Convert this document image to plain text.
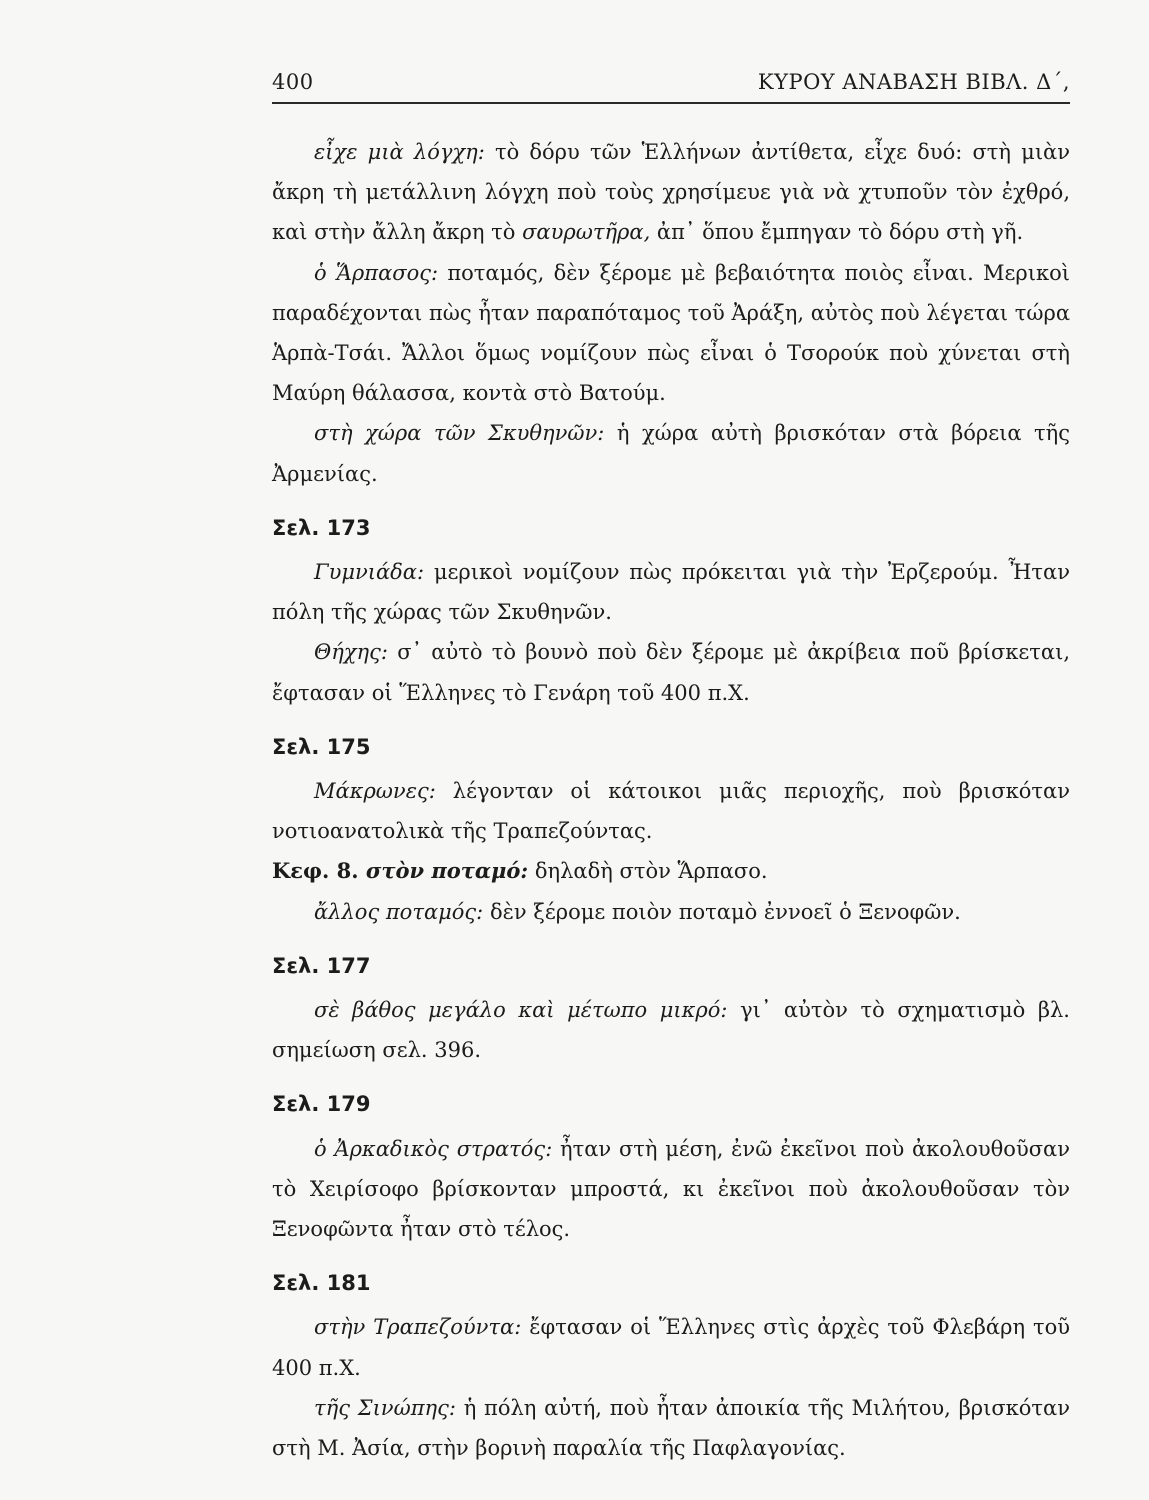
400	ΚΥΡΟΥ ΑΝΑΒΑΣΗ ΒΙΒΛ. Δ΄,

εἶχε μιὰ λόγχη: τὸ δόρυ τῶν Ἑλλήνων ἀντίθετα, εἶχε δυό: στὴ μιὰν ἄκρη τὴ μετάλλινη λόγχη ποὺ τοὺς χρησίμευε γιὰ νὰ χτυποῦν τὸν ἐχθρό, καὶ στὴν ἄλλη ἄκρη τὸ σαυρωτῆρα, ἀπ᾿ ὅπου ἔμπηγαν τὸ δόρυ στὴ γῆ.

ὁ Ἅρπασος: ποταμός, δὲν ξέρομε μὲ βεβαιότητα ποιὸς εἶναι. Μερικοὶ παραδέχονται πὼς ἦταν παραπόταμος τοῦ Ἀράξη, αὐτὸς ποὺ λέγεται τώρα Ἁρπὰ-Τσάι. Ἄλλοι ὅμως νομίζουν πὼς εἶναι ὁ Τσορούκ ποὺ χύνεται στὴ Μαύρη θάλασσα, κοντὰ στὸ Βατούμ.

στὴ χώρα τῶν Σκυθηνῶν: ἡ χώρα αὐτὴ βρισκόταν στὰ βόρεια τῆς Ἀρμενίας.

Σελ. 173

Γυμνιάδα: μερικοὶ νομίζουν πὼς πρόκειται γιὰ τὴν Ἐρζερούμ. Ἦταν πόλη τῆς χώρας τῶν Σκυθηνῶν.

Θήχης: σ᾿ αὐτὸ τὸ βουνὸ ποὺ δὲν ξέρομε μὲ ἀκρίβεια ποῦ βρίσκεται, ἔφτασαν οἱ Ἕλληνες τὸ Γενάρη τοῦ 400 π.Χ.

Σελ. 175

Μάκρωνες: λέγονταν οἱ κάτοικοι μιᾶς περιοχῆς, ποὺ βρισκόταν νοτιοανατολικὰ τῆς Τραπεζούντας.

Κεφ. 8. στὸν ποταμό: δηλαδὴ στὸν Ἅρπασο.

ἄλλος ποταμός: δὲν ξέρομε ποιὸν ποταμὸ ἐννοεῖ ὁ Ξενοφῶν.

Σελ. 177

σὲ βάθος μεγάλο καὶ μέτωπο μικρό: γι᾿ αὐτὸν τὸ σχηματισμὸ βλ. σημείωση σελ. 396.

Σελ. 179

ὁ Ἀρκαδικὸς στρατός: ἦταν στὴ μέση, ἐνῶ ἐκεῖνοι ποὺ ἀκολουθοῦσαν τὸ Χειρίσοφο βρίσκονταν μπροστά, κι ἐκεῖνοι ποὺ ἀκολουθοῦσαν τὸν Ξενοφῶντα ἦταν στὸ τέλος.

Σελ. 181

στὴν Τραπεζούντα: ἔφτασαν οἱ Ἕλληνες στὶς ἀρχὲς τοῦ Φλεβάρη τοῦ 400 π.Χ.

τῆς Σινώπης: ἡ πόλη αὐτή, ποὺ ἦταν ἀποικία τῆς Μιλήτου, βρισκόταν στὴ Μ. Ἀσία, στὴν βορινὴ παραλία τῆς Παφλαγονίας.
